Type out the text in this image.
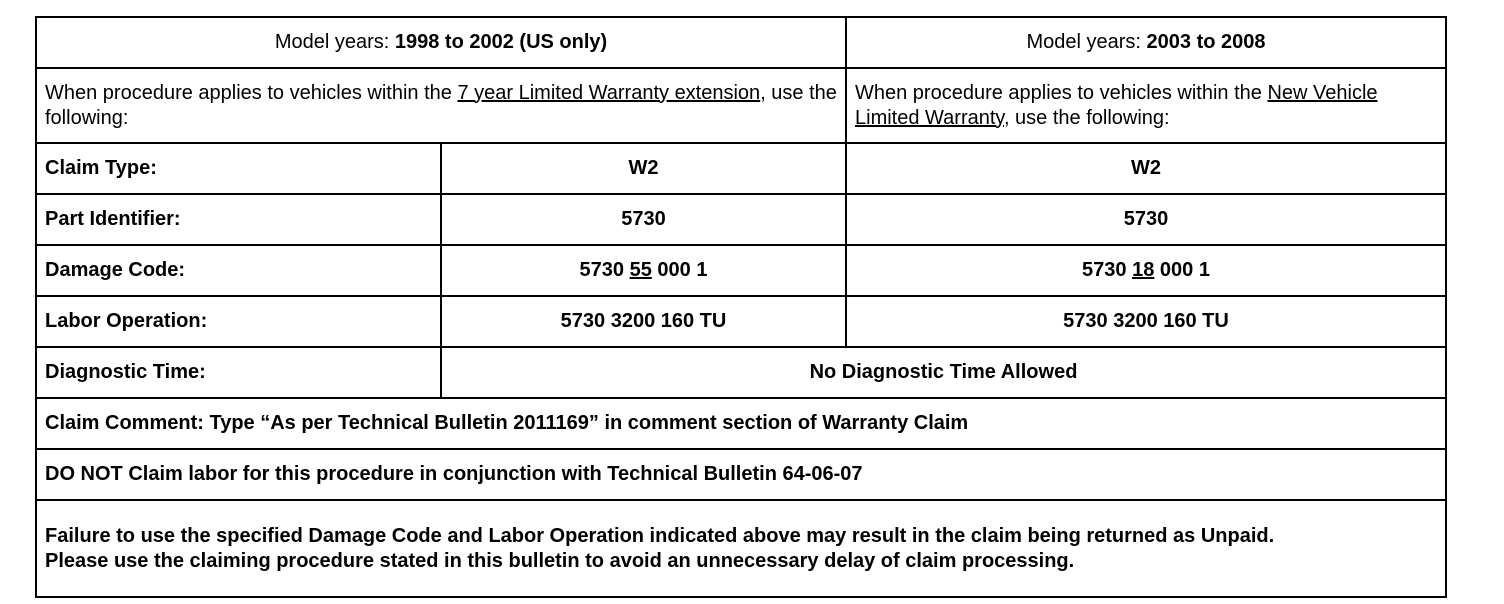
Model years: 1998 to 2002 (US only)		Model years: 2003 to 2008
When procedure applies to vehicles within the 7 year Limited Warranty extension, use the following:		When procedure applies to vehicles within the New Vehicle Limited Warranty, use the following:
Claim Type:	W2	W2
Part Identifier:	5730	5730
Damage Code:	5730 55 000 1	5730 18 000 1
Labor Operation:	5730 3200 160 TU	5730 3200 160 TU
Diagnostic Time:	No Diagnostic Time Allowed	
Claim Comment: Type “As per Technical Bulletin 2011169” in comment section of Warranty Claim		
DO NOT Claim labor for this procedure in conjunction with Technical Bulletin 64-06-07		

Failure to use the specified Damage Code and Labor Operation indicated above may result in the claim being returned as Unpaid.
Please use the claiming procedure stated in this bulletin to avoid an unnecessary delay of claim processing.		
